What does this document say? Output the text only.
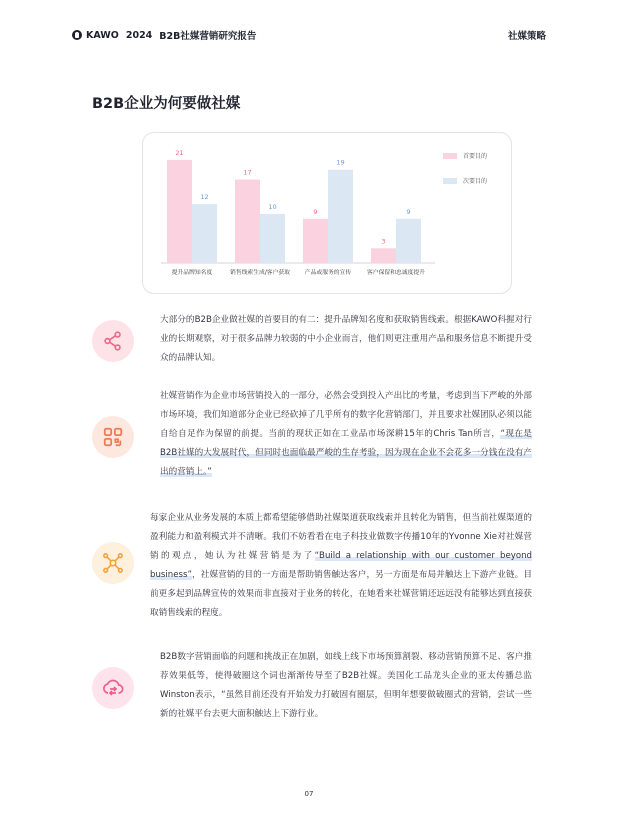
KAWO 2024 B2B社媒营销研究报告	社媒策略
B2B企业为何要做社媒
21
12
提升品牌知名度
17
10
销售线索生成/客户获取
9
19
产品或服务的宣传
3
9
客户保留和忠诚度提升
首要目的
次要目的
大部分的B2B企业做社媒的首要目的有二：提升品牌知名度和获取销售线索。根据KAWO科握对行业的长期观察，对于很多品牌力较弱的中小企业而言，他们则更注重用产品和服务信息不断提升受众的品牌认知。
社媒营销作为企业市场营销投入的一部分，必然会受到投入产出比的考量，考虑到当下严峻的外部市场环境，我们知道部分企业已经砍掉了几乎所有的数字化营销部门，并且要求社媒团队必须以能自给自足作为保留的前提。当前的现状正如在工业品市场深耕15年的Chris Tan所言，“现在是B2B社媒的大发展时代，但同时也面临最严峻的生存考验，因为现在企业不会花多一分钱在没有产出的营销上。”
每家企业从业务发展的本质上都希望能够借助社媒渠道获取线索并且转化为销售，但当前社媒渠道的盈利能力和盈利模式并不清晰。我们不妨看看在电子科技业做数字传播10年的Yvonne Xie对社媒营销的观点，她认为社媒营销是为了“Build a relationship with our customer beyond business”，社媒营销的目的一方面是帮助销售触达客户，另一方面是布局并触达上下游产业链。目前更多起到品牌宣传的效果而非直接对于业务的转化，在她看来社媒营销还远远没有能够达到直接获取销售线索的程度。
B2B数字营销面临的问题和挑战正在加剧，如线上线下市场预算割裂、移动营销预算不足、客户推荐效果低等，使得破圈这个词也渐渐传导至了B2B社媒。美国化工品龙头企业的亚太传播总监Winston表示，“虽然目前还没有开始发力打破固有圈层，但明年想要做破圈式的营销，尝试一些新的社媒平台去更大面积触达上下游行业。
07
